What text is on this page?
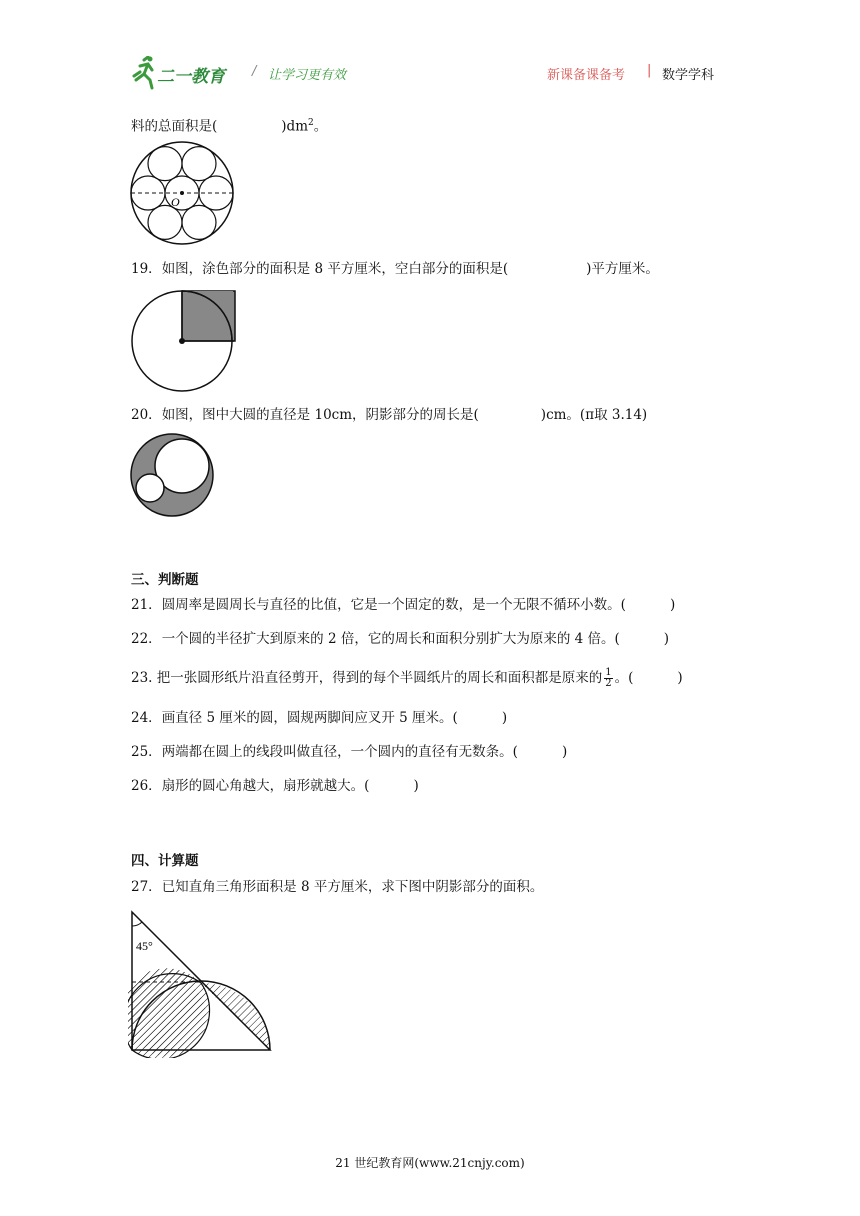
二一教育 / 让学习更有效	新课备课备考 | 数学学科
料的总面积是(	)$dm^2$。
O
19．如图，涂色部分的面积是 8 平方厘米，空白部分的面积是(	)平方厘米。
20．如图，图中大圆的直径是 10cm，阴影部分的周长是(	)cm。(π取 3.14)
三、判断题
21．圆周率是圆周长与直径的比值，它是一个固定的数，是一个无限不循环小数。(	)
22．一个圆的半径扩大到原来的 2 倍，它的周长和面积分别扩大为原来的 4 倍。(	)
23. 把一张圆形纸片沿直径剪开，得到的每个半圆纸片的周长和面积都是原来的 $\frac{1}{2}$ 。(	)
24．画直径 5 厘米的圆，圆规两脚间应叉开 5 厘米。(	)
25．两端都在圆上的线段叫做直径，一个圆内的直径有无数条。(	)
26．扇形的圆心角越大，扇形就越大。(	)
四、计算题
27．已知直角三角形面积是 8 平方厘米，求下图中阴影部分的面积。
45°
21 世纪教育网(www.21cnjy.com)
